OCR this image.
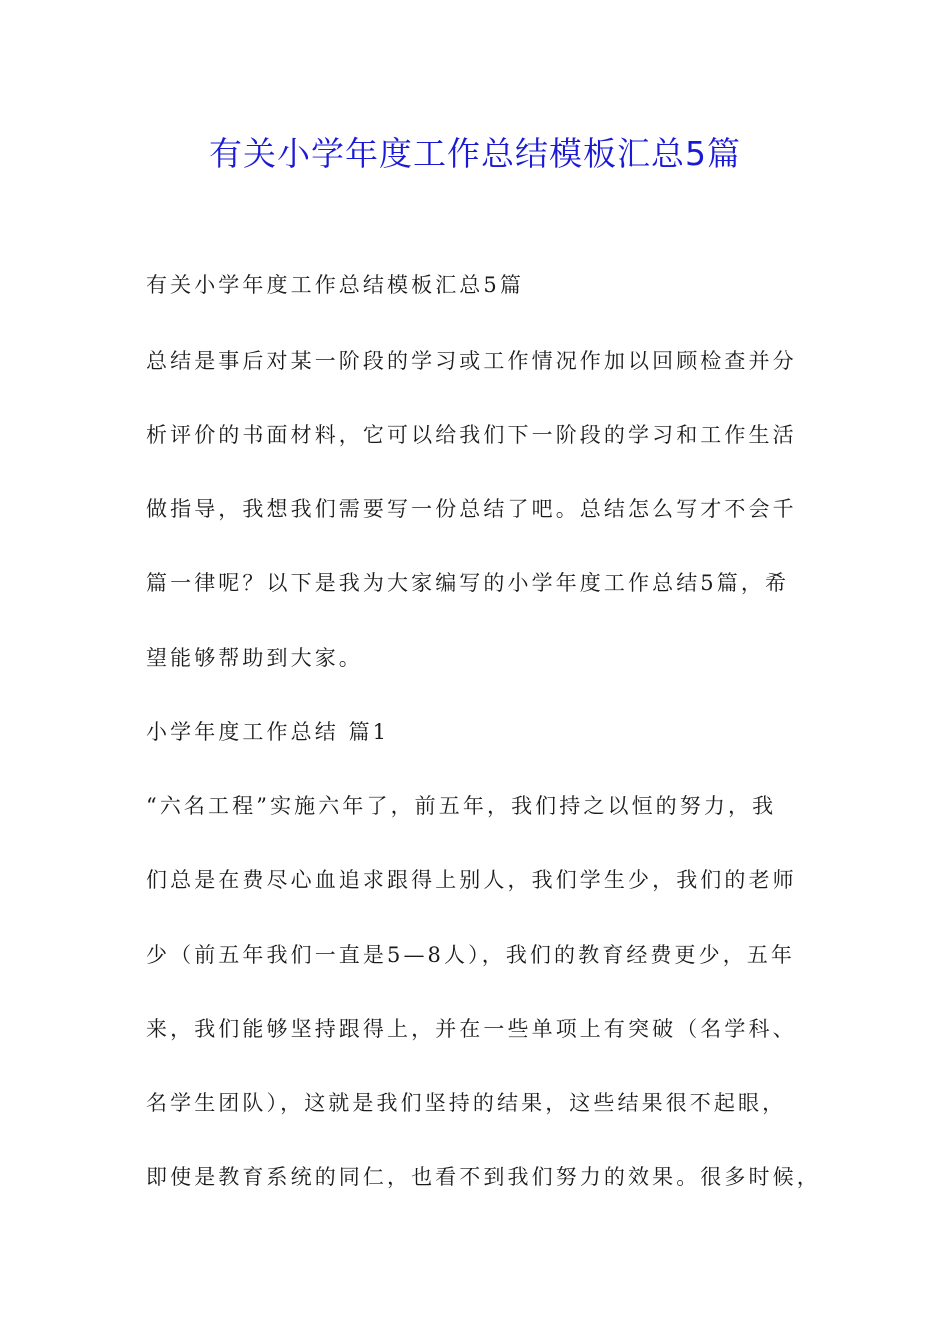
有关小学年度工作总结模板汇总5篇

有关小学年度工作总结模板汇总5篇

总结是事后对某一阶段的学习或工作情况作加以回顾检查并分

析评价的书面材料，它可以给我们下一阶段的学习和工作生活

做指导，我想我们需要写一份总结了吧。总结怎么写才不会千

篇一律呢？以下是我为大家编写的小学年度工作总结5篇，希

望能够帮助到大家。

小学年度工作总结 篇1

“六名工程”实施六年了，前五年，我们持之以恒的努力，我

们总是在费尽心血追求跟得上别人，我们学生少，我们的老师

少（前五年我们一直是5—8人），我们的教育经费更少，五年

来，我们能够坚持跟得上，并在一些单项上有突破（名学科、

名学生团队），这就是我们坚持的结果，这些结果很不起眼，

即使是教育系统的同仁，也看不到我们努力的效果。很多时候，
